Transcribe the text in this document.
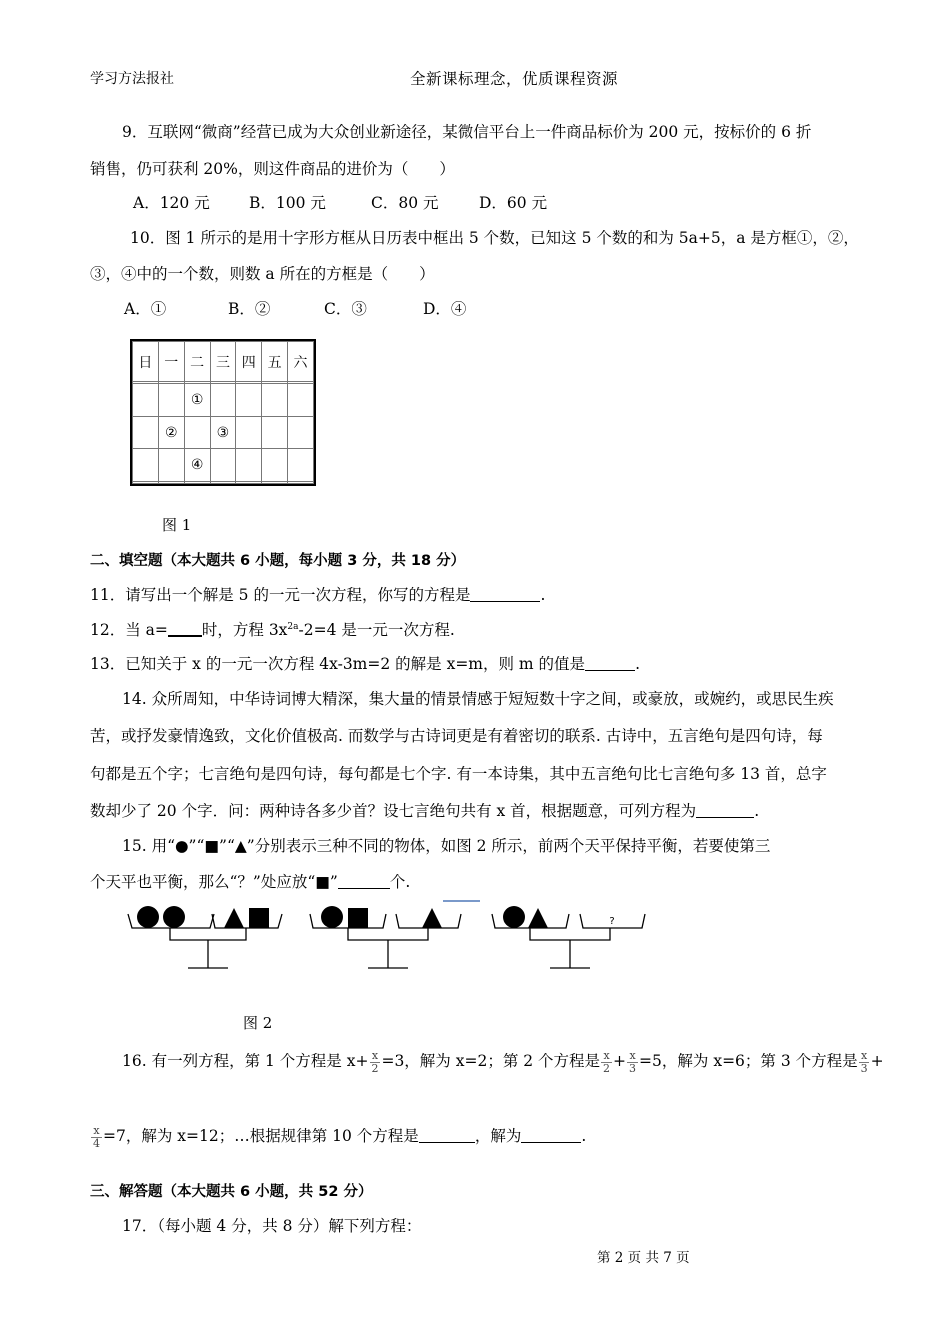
学习方法报社	全新课标理念，优质课程资源
9．互联网“微商”经营已成为大众创业新途径，某微信平台上一件商品标价为 200 元，按标价的 6 折
销售，仍可获利 20%，则这件商品的进价为（　　）
A．120 元	B．100 元	C．80 元	D．60 元
10．图 1 所示的是用十字形方框从日历表中框出 5 个数，已知这 5 个数的和为 5a+5，a 是方框①，②，
③，④中的一个数，则数 a 所在的方框是（　　）
A．①	B．②	C．③	D．④
日	一	二	三	四	五	六

		①				
	②		③			
		④				

图 1
二、填空题（本大题共 6 小题，每小题 3 分，共 18 分）
11．请写出一个解是 5 的一元一次方程，你写的方程是	.
12．当 a= 时，方程 $3x^{2a}-2=4$ 是一元一次方程.
13．已知关于 x 的一元一次方程 4x-3m=2 的解是 x=m，则 m 的值是	.
14. 众所周知，中华诗词博大精深，集大量的情景情感于短短数十字之间，或豪放，或婉约，或思民生疾
苦，或抒发豪情逸致，文化价值极高. 而数学与古诗词更是有着密切的联系. 古诗中，五言绝句是四句诗，每
句都是五个字；七言绝句是四句诗，每句都是七个字. 有一本诗集，其中五言绝句比七言绝句多 13 首，总字
数却少了 20 个字．问：两种诗各多少首？设七言绝句共有 x 首，根据题意，可列方程为	.
15. 用“●”“■”“▲”分别表示三种不同的物体，如图 2 所示，前两个天平保持平衡，若要使第三
个天平也平衡，那么“？”处应放“■”	个.
?
图 2
16. 有一列方程，第 1 个方程是 $x+ \frac{x}{2} =3$，解为 x=2；第 2 个方程是 $\frac{x}{2} + \frac{x}{3} =5$，解为 x=6；第 3 个方程是 $\frac{x}{3}$ +
$\frac{x}{4} =7$，解为 x=12；…根据规律第 10 个方程是	，解为	.
三、解答题（本大题共 6 小题，共 52 分）
17．（每小题 4 分，共 8 分）解下列方程：
第 2 页 共 7 页
